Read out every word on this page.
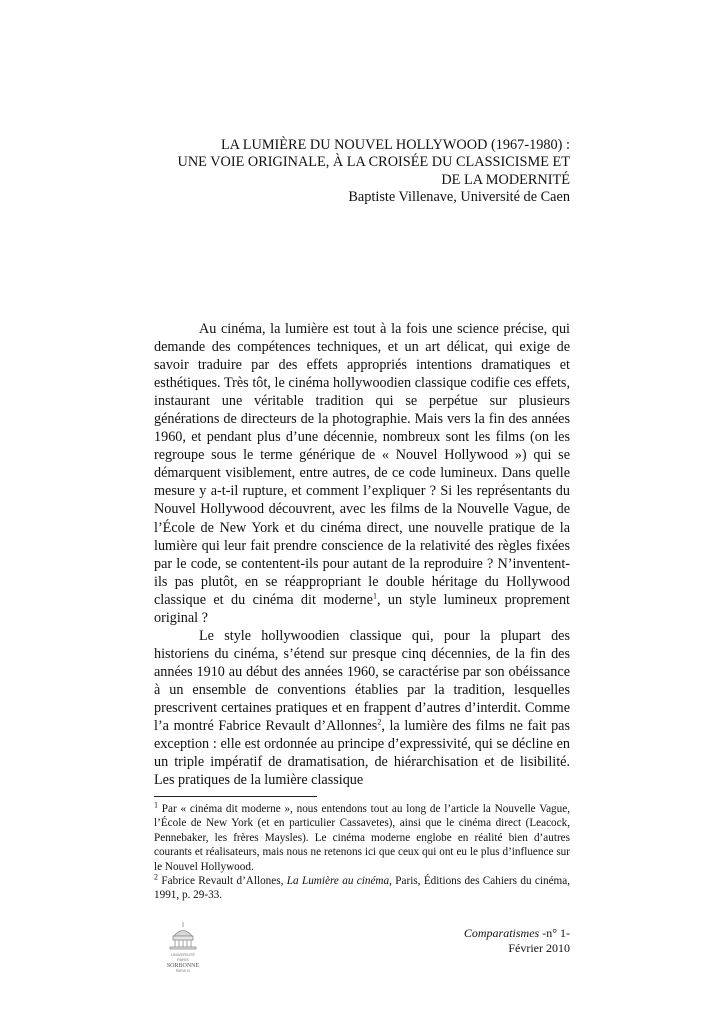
LA LUMIÈRE DU NOUVEL HOLLYWOOD (1967-1980) :
UNE VOIE ORIGINALE, À LA CROISÉE DU CLASSICISME ET
DE LA MODERNITÉ
Baptiste Villenave, Université de Caen

Au cinéma, la lumière est tout à la fois une science précise, qui demande des compétences techniques, et un art délicat, qui exige de savoir traduire par des effets appropriés intentions dramatiques et esthétiques. Très tôt, le cinéma hollywoodien classique codifie ces effets, instaurant une véritable tradition qui se perpétue sur plusieurs générations de directeurs de la photographie. Mais vers la fin des années 1960, et pendant plus d’une décennie, nombreux sont les films (on les regroupe sous le terme générique de « Nouvel Hollywood ») qui se démarquent visiblement, entre autres, de ce code lumineux. Dans quelle mesure y a-t-il rupture, et comment l’expliquer ? Si les représentants du Nouvel Hollywood découvrent, avec les films de la Nouvelle Vague, de l’École de New York et du cinéma direct, une nouvelle pratique de la lumière qui leur fait prendre conscience de la relativité des règles fixées par le code, se contentent-ils pour autant de la reproduire ? N’inventent-ils pas plutôt, en se réappropriant le double héritage du Hollywood classique et du cinéma dit moderne$^1$, un style lumineux proprement original ?

Le style hollywoodien classique qui, pour la plupart des historiens du cinéma, s’étend sur presque cinq décennies, de la fin des années 1910 au début des années 1960, se caractérise par son obéissance à un ensemble de conventions établies par la tradition, lesquelles prescrivent certaines pratiques et en frappent d’autres d’interdit. Comme l’a montré Fabrice Revault d’Allonnes$^2$, la lumière des films ne fait pas exception : elle est ordonnée au principe d’expressivité, qui se décline en un triple impératif de dramatisation, de hiérarchisation et de lisibilité. Les pratiques de la lumière classique

$^1$ Par « cinéma dit moderne », nous entendons tout au long de l’article la Nouvelle Vague, l’École de New York (et en particulier Cassavetes), ainsi que le cinéma direct (Leacock, Pennebaker, les frères Maysles). Le cinéma moderne englobe en réalité bien d’autres courants et réalisateurs, mais nous ne retenons ici que ceux qui ont eu le plus d’influence sur le Nouvel Hollywood.

$^2$ Fabrice Revault d’Allones, La Lumière au cinéma, Paris, Éditions des Cahiers du cinéma, 1991, p. 29-33.

UNIVERSITÉ
PARIS
SORBONNE
PARIS IV
Comparatismes -n° 1-
Février 2010
